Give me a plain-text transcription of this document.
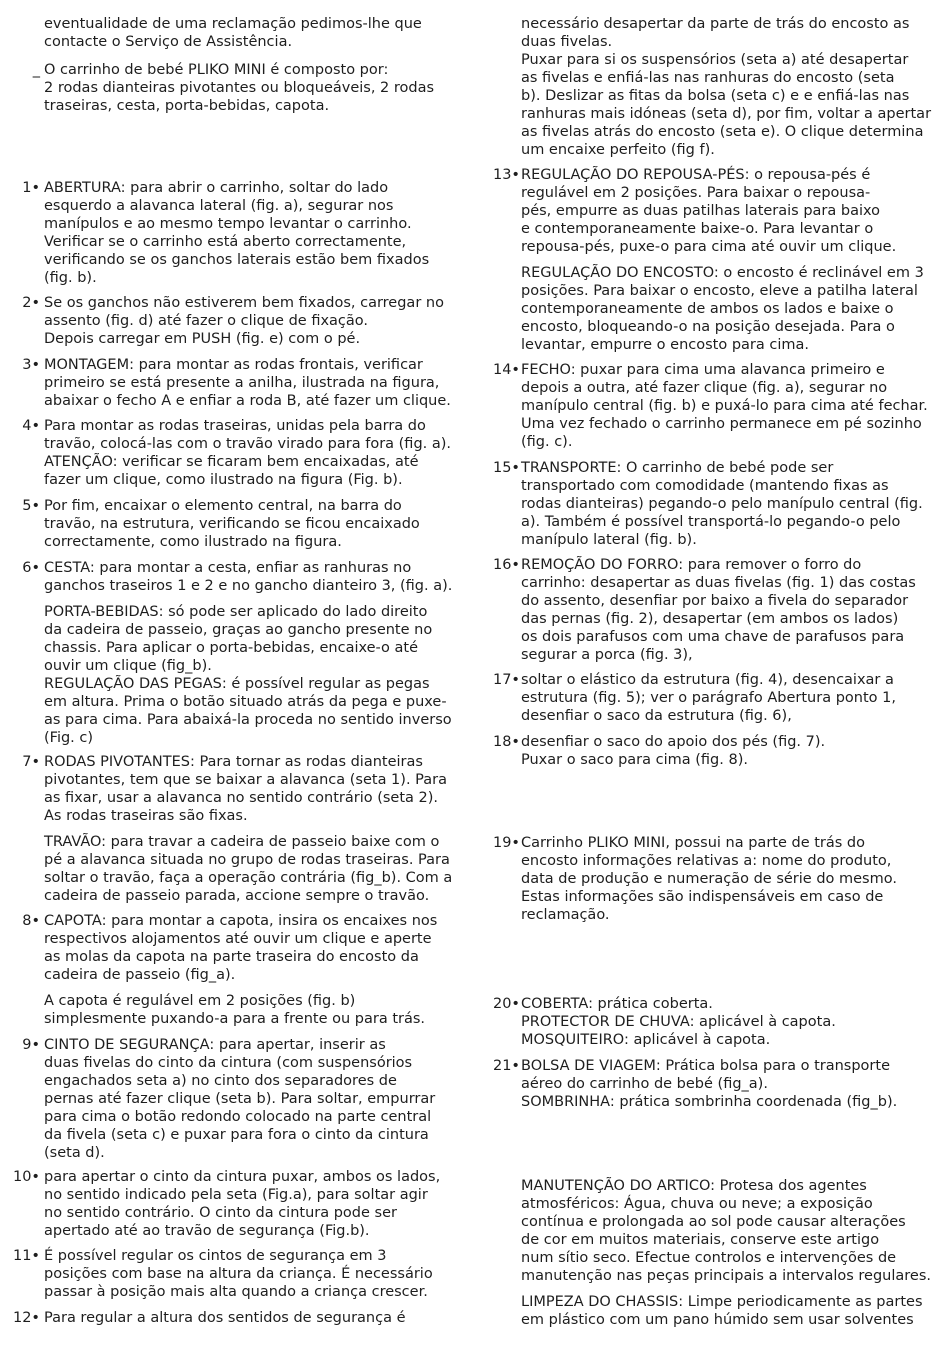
eventualidade de uma reclamação pedimos-lhe que
contacte o Serviço de Assistência.
_ O carrinho de bebé PLIKO MINI é composto por:
2 rodas dianteiras pivotantes ou bloqueáveis, 2 rodas
traseiras, cesta, porta-bebidas, capota.
1• ABERTURA: para abrir o carrinho, soltar do lado
esquerdo a alavanca lateral (fig. a), segurar nos
manípulos e ao mesmo tempo levantar o carrinho.
Verificar se o carrinho está aberto correctamente,
verificando se os ganchos laterais estão bem fixados
(fig. b).
2• Se os ganchos não estiverem bem fixados, carregar no
assento (fig. d) até fazer o clique de fixação.
Depois carregar em PUSH (fig. e) com o pé.
3• MONTAGEM: para montar as rodas frontais, verificar
primeiro se está presente a anilha, ilustrada na figura,
abaixar o fecho A e enfiar a roda B, até fazer um clique.
4• Para montar as rodas traseiras, unidas pela barra do
travão, colocá-las com o travão virado para fora (fig. a).
ATENÇÃO: verificar se ficaram bem encaixadas, até
fazer um clique, como ilustrado na figura (Fig. b).
5• Por fim, encaixar o elemento central, na barra do
travão, na estrutura, verificando se ficou encaixado
correctamente, como ilustrado na figura.
6• CESTA: para montar a cesta, enfiar as ranhuras no
ganchos traseiros 1 e 2 e no gancho dianteiro 3, (fig. a).
PORTA-BEBIDAS: só pode ser aplicado do lado direito
da cadeira de passeio, graças ao gancho presente no
chassis. Para aplicar o porta-bebidas, encaixe-o até
ouvir um clique (fig_b).
REGULAÇÃO DAS PEGAS: é possível regular as pegas
em altura. Prima o botão situado atrás da pega e puxe-
as para cima. Para abaixá-la proceda no sentido inverso
(Fig. c)
7• RODAS PIVOTANTES: Para tornar as rodas dianteiras
pivotantes, tem que se baixar a alavanca (seta 1). Para
as fixar, usar a alavanca no sentido contrário (seta 2).
As rodas traseiras são fixas.
TRAVÃO: para travar a cadeira de passeio baixe com o
pé a alavanca situada no grupo de rodas traseiras. Para
soltar o travão, faça a operação contrária (fig_b). Com a
cadeira de passeio parada, accione sempre o travão.
8• CAPOTA: para montar a capota, insira os encaixes nos
respectivos alojamentos até ouvir um clique e aperte
as molas da capota na parte traseira do encosto da
cadeira de passeio (fig_a).
A capota é regulável em 2 posições (fig. b)
simplesmente puxando-a para a frente ou para trás.
9• CINTO DE SEGURANÇA: para apertar, inserir as
duas fivelas do cinto da cintura (com suspensórios
engachados seta a) no cinto dos separadores de
pernas até fazer clique (seta b). Para soltar, empurrar
para cima o botão redondo colocado na parte central
da fivela (seta c) e puxar para fora o cinto da cintura
(seta d).
10• para apertar o cinto da cintura puxar, ambos os lados,
no sentido indicado pela seta (Fig.a), para soltar agir
no sentido contrário. O cinto da cintura pode ser
apertado até ao travão de segurança (Fig.b).
11• É possível regular os cintos de segurança em 3
posições com base na altura da criança. É necessário
passar à posição mais alta quando a criança crescer.
12• Para regular a altura dos sentidos de segurança é
necessário desapertar da parte de trás do encosto as
duas fivelas.
Puxar para si os suspensórios (seta a) até desapertar
as fivelas e enfiá-las nas ranhuras do encosto (seta
b). Deslizar as fitas da bolsa (seta c) e e enfiá-las nas
ranhuras mais idóneas (seta d), por fim, voltar a apertar
as fivelas atrás do encosto (seta e). O clique determina
um encaixe perfeito (fig f).
13• REGULAÇÃO DO REPOUSA-PÉS: o repousa-pés é
regulável em 2 posições. Para baixar o repousa-
pés, empurre as duas patilhas laterais para baixo
e contemporaneamente baixe-o. Para levantar o
repousa-pés, puxe-o para cima até ouvir um clique.
REGULAÇÃO DO ENCOSTO: o encosto é reclinável em 3
posições. Para baixar o encosto, eleve a patilha lateral
contemporaneamente de ambos os lados e baixe o
encosto, bloqueando-o na posição desejada. Para o
levantar, empurre o encosto para cima.
14• FECHO: puxar para cima uma alavanca primeiro e
depois a outra, até fazer clique (fig. a), segurar no
manípulo central (fig. b) e puxá-lo para cima até fechar.
Uma vez fechado o carrinho permanece em pé sozinho
(fig. c).
15• TRANSPORTE: O carrinho de bebé pode ser
transportado com comodidade (mantendo fixas as
rodas dianteiras) pegando-o pelo manípulo central (fig.
a). Também é possível transportá-lo pegando-o pelo
manípulo lateral (fig. b).
16• REMOÇÃO DO FORRO: para remover o forro do
carrinho: desapertar as duas fivelas (fig. 1) das costas
do assento, desenfiar por baixo a fivela do separador
das pernas (fig. 2), desapertar (em ambos os lados)
os dois parafusos com uma chave de parafusos para
segurar a porca (fig. 3),
17• soltar o elástico da estrutura (fig. 4), desencaixar a
estrutura (fig. 5); ver o parágrafo Abertura ponto 1,
desenfiar o saco da estrutura (fig. 6),
18• desenfiar o saco do apoio dos pés (fig. 7).
Puxar o saco para cima (fig. 8).
19• Carrinho PLIKO MINI, possui na parte de trás do
encosto informações relativas a: nome do produto,
data de produção e numeração de série do mesmo.
Estas informações são indispensáveis em caso de
reclamação.
20• COBERTA: prática coberta.
PROTECTOR DE CHUVA: aplicável à capota.
MOSQUITEIRO: aplicável à capota.
21• BOLSA DE VIAGEM: Prática bolsa para o transporte
aéreo do carrinho de bebé (fig_a).
SOMBRINHA: prática sombrinha coordenada (fig_b).
MANUTENÇÃO DO ARTICO: Protesa dos agentes
atmosféricos: Água, chuva ou neve; a exposição
contínua e prolongada ao sol pode causar alterações
de cor em muitos materiais, conserve este artigo
num sítio seco. Efectue controlos e intervenções de
manutenção nas peças principais a intervalos regulares.
LIMPEZA DO CHASSIS: Limpe periodicamente as partes
em plástico com um pano húmido sem usar solventes
